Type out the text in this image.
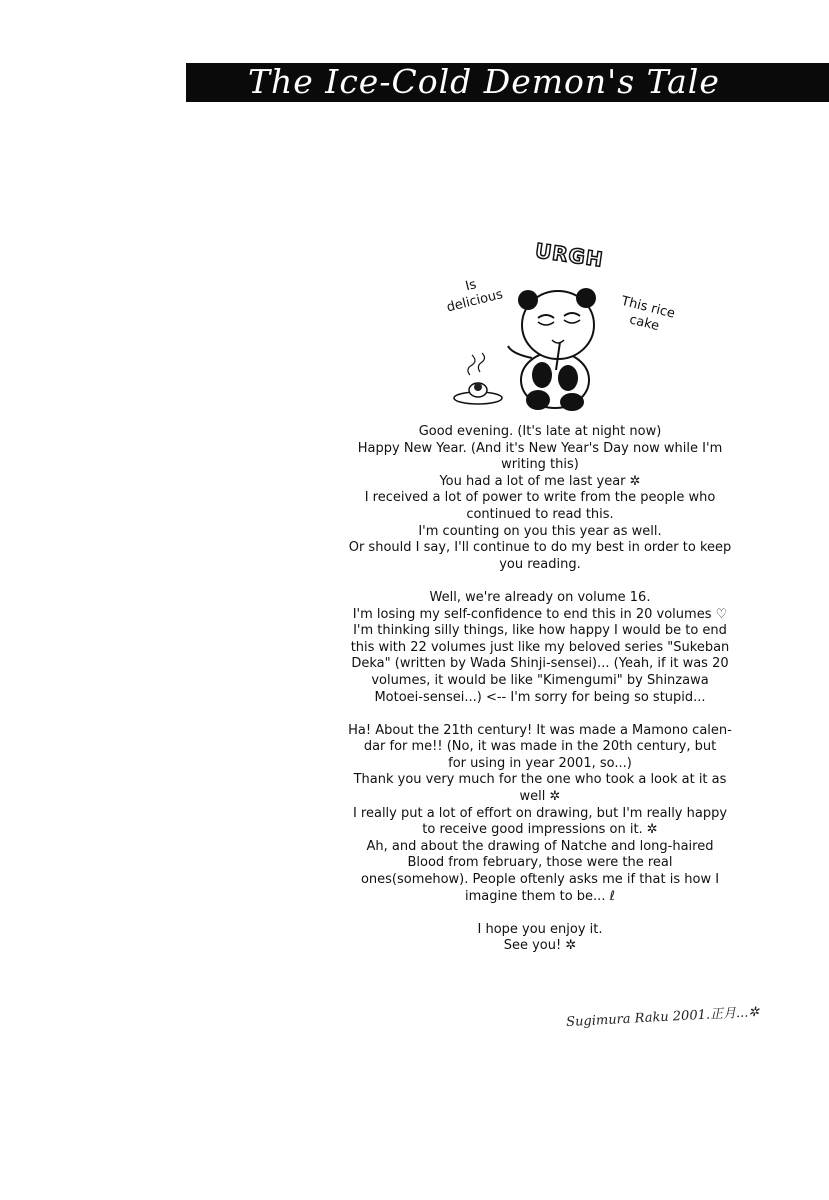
The Ice-Cold Demon's Tale
URGH
Is delicious	This rice cake

Good evening. (It's late at night now)

Happy New Year. (And it's New Year's Day now while I'm

writing this)

You had a lot of me last year ✲

I received a lot of power to write from the people who

continued to read this.

I'm counting on you this year as well.

Or should I say, I'll continue to do my best in order to keep

you reading.

Well, we're already on volume 16.

I'm losing my self-confidence to end this in 20 volumes ♡

I'm thinking silly things, like how happy I would be to end

this with 22 volumes just like my beloved series "Sukeban

Deka" (written by Wada Shinji-sensei)... (Yeah, if it was 20

volumes, it would be like "Kimengumi" by Shinzawa

Motoei-sensei...) <-- I'm sorry for being so stupid...

Ha! About the 21th century! It was made a Mamono calen-

dar for me!! (No, it was made in the 20th century, but

for using in year 2001, so...)

Thank you very much for the one who took a look at it as

well ✲

I really put a lot of effort on drawing, but I'm really happy

to receive good impressions on it. ✲

Ah, and about the drawing of Natche and long-haired

Blood from february, those were the real

ones(somehow). People oftenly asks me if that is how I

imagine them to be... ℓ

I hope you enjoy it.

See you! ✲

Sugimura Raku 2001.正月...✲
